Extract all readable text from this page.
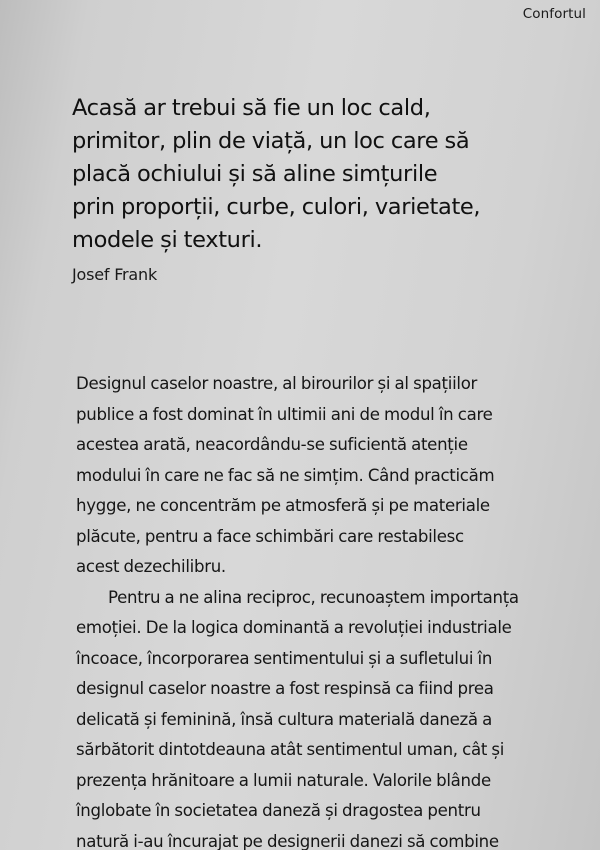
Confortul

Acasă ar trebui să fie un loc cald,
primitor, plin de viață, un loc care să
placă ochiului și să aline simțurile
prin proporții, curbe, culori, varietate,
modele și texturi.

Josef Frank

Designul caselor noastre, al birourilor și al spațiilor
publice a fost dominat în ultimii ani de modul în care
acestea arată, neacordându-se suficientă atenție
modului în care ne fac să ne simțim. Când practicăm
hygge, ne concentrăm pe atmosferă și pe materiale
plăcute, pentru a face schimbări care restabilesc
acest dezechilibru.

Pentru a ne alina reciproc, recunoaștem importanța
emoției. De la logica dominantă a revoluției industriale
încoace, încorporarea sentimentului și a sufletului în
designul caselor noastre a fost respinsă ca fiind prea
delicată și feminină, însă cultura materială daneză a
sărbătorit dintotdeauna atât sentimentul uman, cât și
prezența hrănitoare a lumii naturale. Valorile blânde
înglobate în societatea daneză și dragostea pentru
natură i-au încurajat pe designerii danezi să combine
